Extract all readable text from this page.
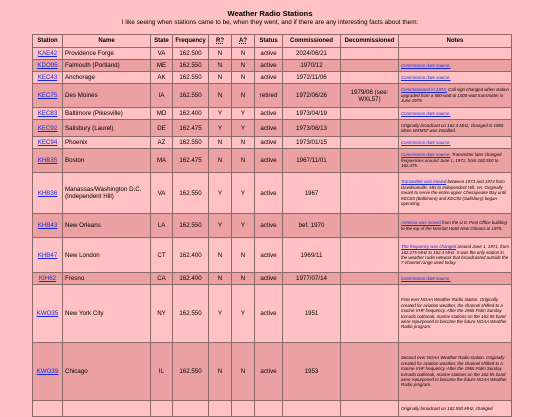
Weather Radio Stations
I like seeing when stations came to be, when they went, and if there are any interesting facts about them:
Station	Name	State	Frequency	R?	A?	Status	Commissioned	Decommissioned	Notes
KAE42	Providence Forge	VA	162.500	N	N	active	2024/06/21		
KDO95	Falmouth (Portland)	ME	162.550	N	N	active	1970/12		Commission date source.
KEC43	Anchorage	AK	162.550	N	N	active	1972/11/06		Commission date source.
KEC75	Des Moines	IA	162.550	N	N	retired	1972/06/26	1979/06 (see: WXL57)	Commissioned in 1972. Call sign changed when station upgraded from a 500-watt to 1000-watt transmitter in June 1979.
KEC83	Baltimore (Pikesville)	MD	162.400	Y	Y	active	1973/04/19		Commission date source.
KEC92	Salisbury (Laurel)	DE	162.475	Y	Y	active	1973/06/13		Originally broadcast on 162.4 MHz, changed in 1983 when WXM57 was installed.
KEC94	Phoenix	AZ	162.550	N	N	active	1973/01/15		Commission date source.
KHB35	Boston	MA	162.475	N	N	active	1967/11/01		Commission date source. Transmitter later changed frequencies around June 1, 1971, from 162.550 to 162.475.
KHB36	Manassas/Washington D.C. (Independent Hill)	VA	162.550	Y	Y	active	1967		Transmitter was moved between 1973 and 1974 from Davidsonville, MD to Independent Hill, VA. Originally meant to serve the entire upper Chesapeake Bay until KEC83 (Baltimore) and KEC92 (Salisbury) began operating.
KHB43	New Orleans	LA	162.550	Y	Y	active	bef. 1970		Antenna was moved from the U.S. Post Office building to the top of the Marriott Hotel New Orleans in 1975.
KHB47	New London	CT	162.400	N	N	active	1969/11		The frequency was changed around June 1, 1971, from 162.275 MHz to 162.4 MHz. It was the only station in the weather radio network that broadcasted outside the 7-channel range used today.
KIH62	Fresno	CA	162.400	N	N	active	1977/07/14		Commission date source.
KWO35	New York City	NY	162.550	Y	Y	active	1951		First ever NOAA Weather Radio station. Originally created for aviation weather, the channel shifted to a marine VHF frequency. After the 1965 Palm Sunday tornado outbreak, marine stations on the 162.55 band were repurposed to become the future NOAA Weather Radio program.
KWO39	Chicago	IL	162.550	N	N	active	1953		Second ever NOAA Weather Radio station. Originally created for aviation weather, the channel shifted to a marine VHF frequency. After the 1965 Palm Sunday tornado outbreak, marine stations on the 162.55 band were repurposed to become the future NOAA Weather Radio program.
									Originally broadcast on 162.550 MHz, changed
